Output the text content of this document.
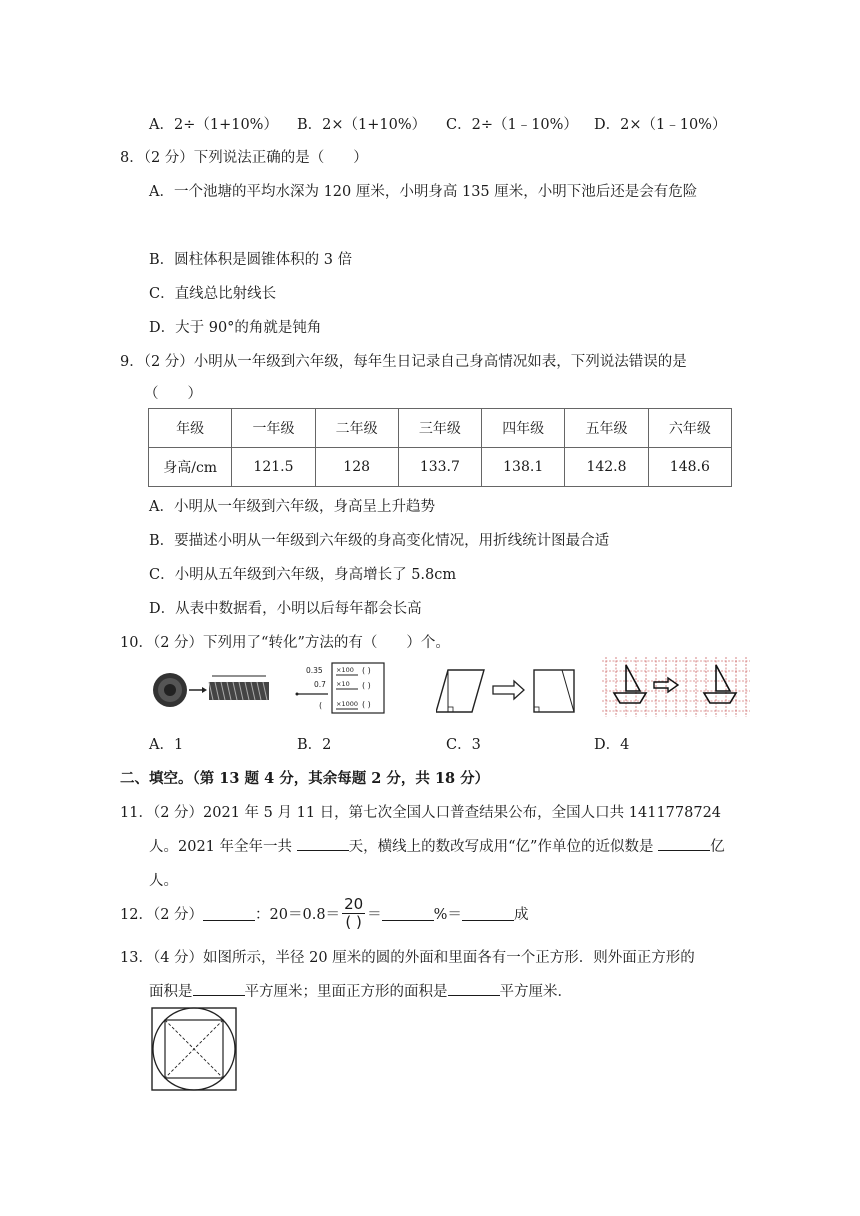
A．2÷（1+10%） B．2×（1+10%） C．2÷（1﹣10%） D．2×（1﹣10%）
8．（2 分）下列说法正确的是（　　）
A．一个池塘的平均水深为 120 厘米，小明身高 135 厘米，小明下池后还是会有危险
B．圆柱体积是圆锥体积的 3 倍
C．直线总比射线长
D．大于 90°的角就是钝角
9．（2 分）小明从一年级到六年级，每年生日记录自己身高情况如表，下列说法错误的是
（　　）
年级	一年级	二年级	三年级	四年级	五年级	六年级
身高/cm	121.5	128	133.7	138.1	142.8	148.6
A．小明从一年级到六年级，身高呈上升趋势
B．要描述小明从一年级到六年级的身高变化情况，用折线统计图最合适
C．小明从五年级到六年级，身高增长了 5.8cm
D．从表中数据看，小明以后每年都会长高
10．（2 分）下列用了“转化”方法的有（　　）个。
0.35
0.7
×100
×10
×1000
( )
( )
( )
(
A．1	B．2	C．3	D．4
二、填空。（第 13 题 4 分，其余每题 2 分，共 18 分）
11．（2 分）2021 年 5 月 11 日，第七次全国人口普查结果公布，全国人口共 1411778724
人。2021 年全年一共	天，横线上的数改写成用“亿”作单位的近似数是	亿
人。
12．（2 分）	：$20=0.8= \frac{20}{( )}$ ＝	%＝	成
13．（4 分）如图所示，半径 20 厘米的圆的外面和里面各有一个正方形．则外面正方形的
面积是	平方厘米；里面正方形的面积是	平方厘米．
